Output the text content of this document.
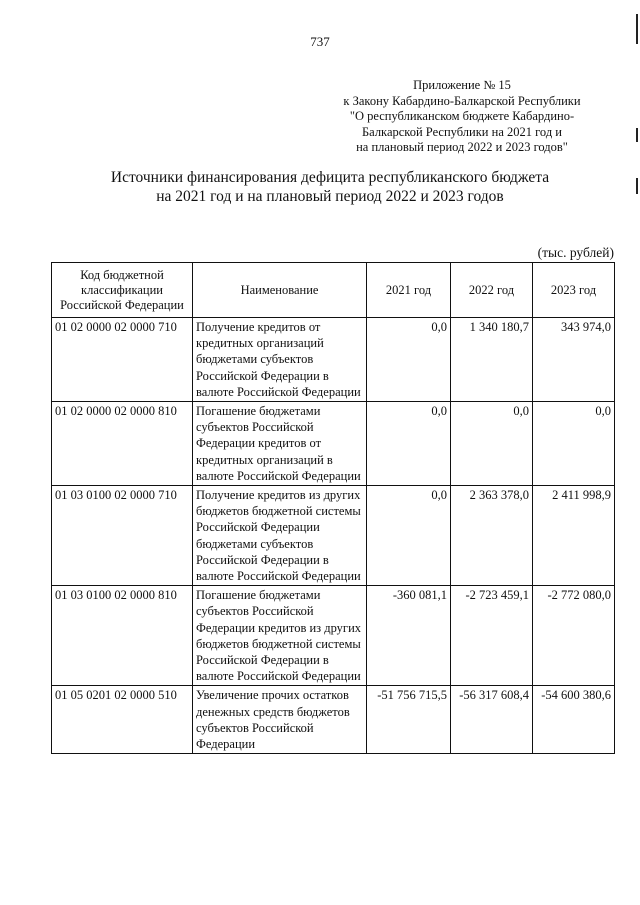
737
Приложение № 15
к Закону Кабардино-Балкарской Республики
"О республиканском бюджете Кабардино-
Балкарской Республики на 2021 год и
на плановый период 2022 и 2023 годов"
Источники финансирования дефицита республиканского бюджета
на 2021 год и на плановый период 2022 и 2023 годов
(тыс. рублей)
Код бюджетной классификации Российской Федерации	Наименование	2021 год	2022 год	2023 год
01 02 0000 02 0000 710	Получение кредитов от кредитных организаций бюджетами субъектов Российской Федерации в валюте Российской Федерации	0,0	1 340 180,7	343 974,0
01 02 0000 02 0000 810	Погашение бюджетами субъектов Российской Федерации кредитов от кредитных организаций в валюте Российской Федерации	0,0	0,0	0,0
01 03 0100 02 0000 710	Получение кредитов из других бюджетов бюджетной системы Российской Федерации бюджетами субъектов Российской Федерации в валюте Российской Федерации	0,0	2 363 378,0	2 411 998,9
01 03 0100 02 0000 810	Погашение бюджетами субъектов Российской Федерации кредитов из других бюджетов бюджетной системы Российской Федерации в валюте Российской Федерации	-360 081,1	-2 723 459,1	-2 772 080,0
01 05 0201 02 0000 510	Увеличение прочих остатков денежных средств бюджетов субъектов Российской Федерации	-51 756 715,5	-56 317 608,4	-54 600 380,6
